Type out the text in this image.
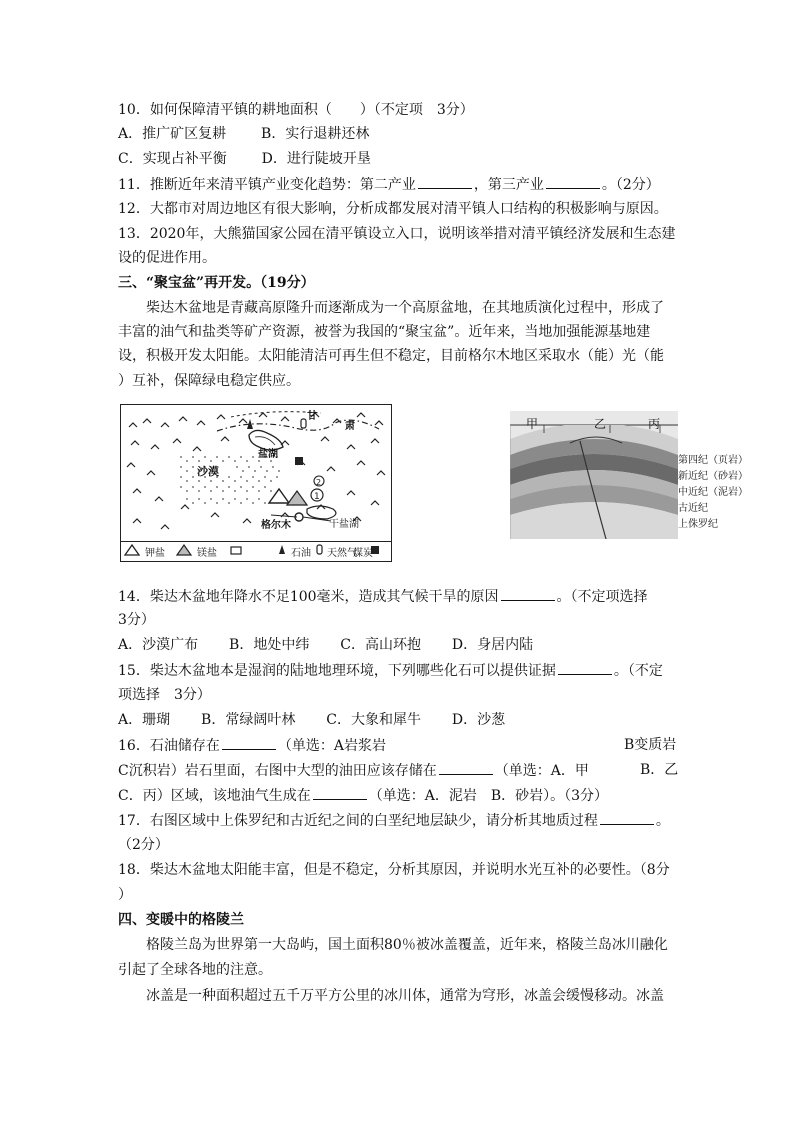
10．如何保障清平镇的耕地面积（　　）（不定项　3分）
A．推广矿区复耕 B．实行退耕还林
C．实现占补平衡 D．进行陡坡开垦
11．推断近年来清平镇产业变化趋势：第二产业	，第三产业	。（2分）
12．大都市对周边地区有很大影响，分析成都发展对清平镇人口结构的积极影响与原因。
13．2020年，大熊猫国家公园在清平镇设立入口，说明该举措对清平镇经济发展和生态建
设的促进作用。
三、“聚宝盆”再开发。（19分）
柴达木盆地是青藏高原隆升而逐渐成为一个高原盆地，在其地质演化过程中，形成了
丰富的油气和盐类等矿产资源，被誉为我国的“聚宝盆”。近年来，当地加强能源基地建
设，积极开发太阳能。太阳能清洁可再生但不稳定，目前格尔木地区采取水（能）光（能
）互补，保障绿电稳定供应。
1
2
甘
肃
盐湖
沙漠
格尔木	干盐湖
钾盐	镁盐	石油 天然气
煤炭
甲	乙	丙
第四纪（页岩）
新近纪（砂岩）
中近纪（泥岩）
古近纪
上侏罗纪
14．柴达木盆地年降水不足100毫米，造成其气候干旱的原因	。（不定项选择
3分）
A．沙漠广布 B．地处中纬 C．高山环抱 D．身居内陆
15．柴达木盆地本是湿润的陆地地理环境，下列哪些化石可以提供证据	。（不定
项选择　3分）
A．珊瑚 B．常绿阔叶林 C．大象和犀牛 D．沙葱
16．石油储存在	（单选：A岩浆岩	B变质岩
C沉积岩）岩石里面，右图中大型的油田应该存储在	（单选：A．甲	B．乙
C．丙）区域，该地油气生成在	（单选：A．泥岩　B．砂岩）。（3分）
17．右图区域中上侏罗纪和古近纪之间的白垩纪地层缺少，请分析其地质过程	。
（2分）
18．柴达木盆地太阳能丰富，但是不稳定，分析其原因，并说明水光互补的必要性。（8分
）
四、变暖中的格陵兰
格陵兰岛为世界第一大岛屿，国土面积80％被冰盖覆盖，近年来，格陵兰岛冰川融化
引起了全球各地的注意。
冰盖是一种面积超过五千万平方公里的冰川体，通常为穹形，冰盖会缓慢移动。冰盖
